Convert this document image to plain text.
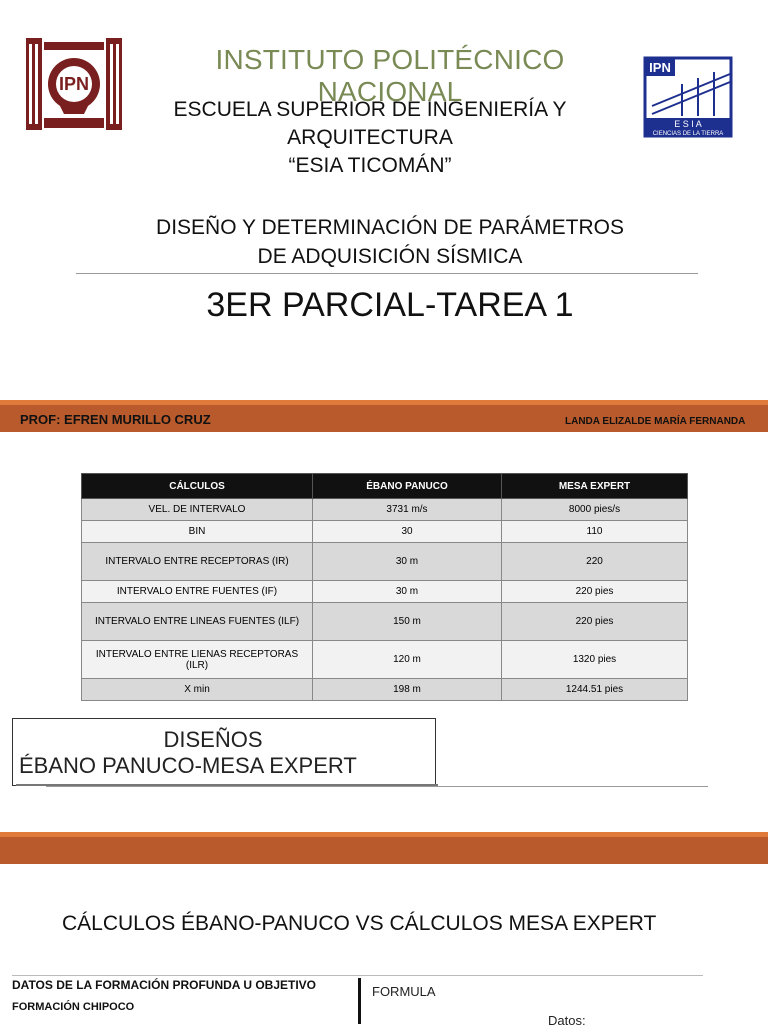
IPN
INSTITUTO POLITÉCNICO NACIONAL
ESCUELA SUPERIOR DE INGENIERÍA Y
ARQUITECTURA
“ESIA TICOMÁN”
IPN
E S I A
CIENCIAS DE LA TIERRA
DISEÑO Y DETERMINACIÓN DE PARÁMETROS
DE ADQUISICIÓN SÍSMICA
3ER PARCIAL-TAREA 1
PROF: EFREN MURILLO CRUZ	LANDA ELIZALDE MARÍA FERNANDA
CÁLCULOS	ÉBANO PANUCO	MESA EXPERT
VEL. DE INTERVALO	3731 m/s	8000 pies/s
BIN	30	110
INTERVALO ENTRE RECEPTORAS (IR)	30 m	220
INTERVALO ENTRE FUENTES (IF)	30 m	220 pies
INTERVALO ENTRE LINEAS FUENTES (ILF)	150 m	220 pies
INTERVALO ENTRE LIENAS RECEPTORAS (ILR)	120 m	1320 pies
X min	198 m	1244.51 pies
DISEÑOS
ÉBANO PANUCO-MESA EXPERT
CÁLCULOS ÉBANO-PANUCO VS CÁLCULOS MESA EXPERT
DATOS DE LA FORMACIÓN PROFUNDA U OBJETIVO
FORMACIÓN CHIPOCO
FORMULA
Datos:
